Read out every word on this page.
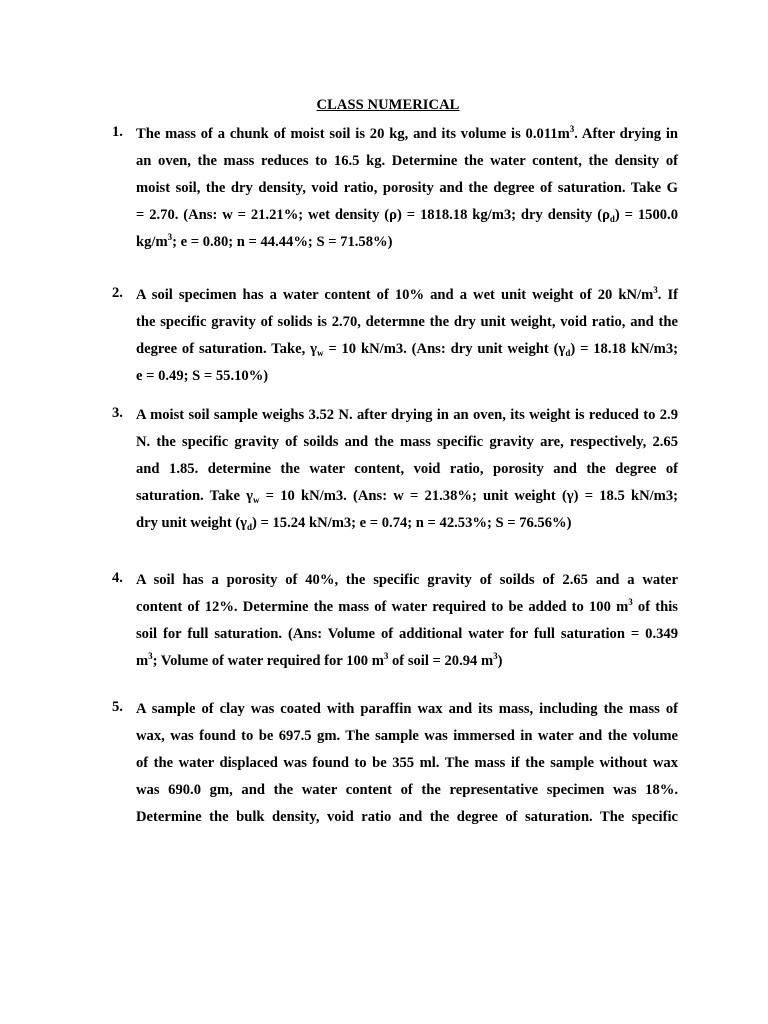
CLASS NUMERICAL
1. The mass of a chunk of moist soil is 20 kg, and its volume is $0.011m^3$. After drying in
an oven, the mass reduces to 16.5 kg. Determine the water content, the density of
moist soil, the dry density, void ratio, porosity and the degree of saturation. Take G
= 2.70. (Ans: w = 21.21%; wet density (ρ) = 1818.18 kg/m3; dry density $(\rho_d) = 1500.0$
$kg/m^3$; e = 0.80; n = 44.44%; S = 71.58%)
2. A soil specimen has a water content of 10% and a wet unit weight of 20 $kN/m^3$. If
the specific gravity of solids is 2.70, determne the dry unit weight, void ratio, and the
degree of saturation. Take, $\gamma_w = 10$ kN/m3. (Ans: dry unit weight $(\gamma_d) = 18.18$ kN/m3;
e = 0.49; S = 55.10%)
3. A moist soil sample weighs 3.52 N. after drying in an oven, its weight is reduced to 2.9
N. the specific gravity of soilds and the mass specific gravity are, respectively, 2.65
and 1.85. determine the water content, void ratio, porosity and the degree of
saturation. Take $\gamma_w = 10$ kN/m3. (Ans: w = 21.38%; unit weight (γ) = 18.5 kN/m3;
dry unit weight $(\gamma_d) = 15.24$ kN/m3; e = 0.74; n = 42.53%; S = 76.56%)
4. A soil has a porosity of 40%, the specific gravity of soilds of 2.65 and a water
content of 12%. Determine the mass of water required to be added to 100 $m^3$ of this
soil for full saturation. (Ans: Volume of additional water for full saturation = 0.349
$m^3$; Volume of water required for 100 $m^3$ of soil = 20.94 $m^3$)
5. A sample of clay was coated with paraffin wax and its mass, including the mass of
wax, was found to be 697.5 gm. The sample was immersed in water and the volume
of the water displaced was found to be 355 ml. The mass if the sample without wax
was 690.0 gm, and the water content of the representative specimen was 18%.
Determine the bulk density, void ratio and the degree of saturation. The specific
